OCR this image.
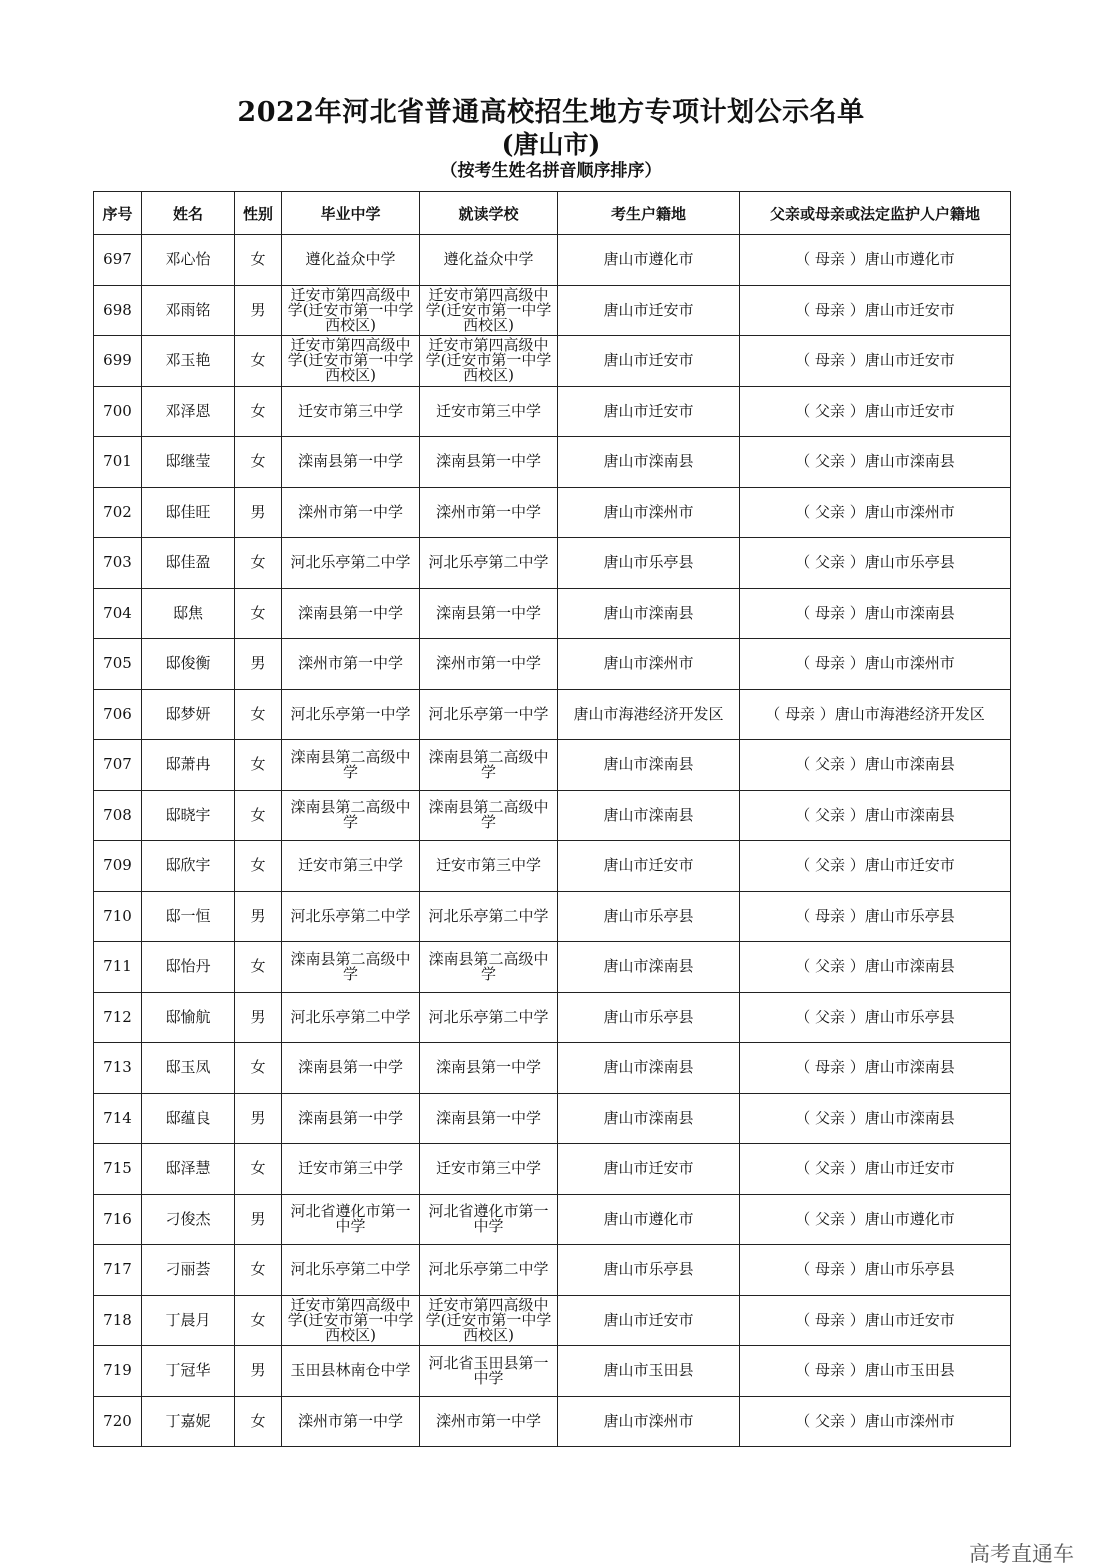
2022年河北省普通高校招生地方专项计划公示名单
(唐山市)
（按考生姓名拼音顺序排序）
序号	姓名	性别	毕业中学	就读学校	考生户籍地	父亲或母亲或法定监护人户籍地
697	邓心怡	女	遵化益众中学	遵化益众中学	唐山市遵化市	（ 母亲 ）唐山市遵化市
698	邓雨铭	男	迁安市第四高级中学(迁安市第一中学西校区)	迁安市第四高级中学(迁安市第一中学西校区)	唐山市迁安市	（ 母亲 ）唐山市迁安市
699	邓玉艳	女	迁安市第四高级中学(迁安市第一中学西校区)	迁安市第四高级中学(迁安市第一中学西校区)	唐山市迁安市	（ 母亲 ）唐山市迁安市
700	邓泽恩	女	迁安市第三中学	迁安市第三中学	唐山市迁安市	（ 父亲 ）唐山市迁安市
701	邸继莹	女	滦南县第一中学	滦南县第一中学	唐山市滦南县	（ 父亲 ）唐山市滦南县
702	邸佳旺	男	滦州市第一中学	滦州市第一中学	唐山市滦州市	（ 父亲 ）唐山市滦州市
703	邸佳盈	女	河北乐亭第二中学	河北乐亭第二中学	唐山市乐亭县	（ 父亲 ）唐山市乐亭县
704	邸焦	女	滦南县第一中学	滦南县第一中学	唐山市滦南县	（ 母亲 ）唐山市滦南县
705	邸俊衡	男	滦州市第一中学	滦州市第一中学	唐山市滦州市	（ 母亲 ）唐山市滦州市
706	邸梦妍	女	河北乐亭第一中学	河北乐亭第一中学	唐山市海港经济开发区	（ 母亲 ）唐山市海港经济开发区
707	邸萧冉	女	滦南县第二高级中学	滦南县第二高级中学	唐山市滦南县	（ 父亲 ）唐山市滦南县
708	邸晓宇	女	滦南县第二高级中学	滦南县第二高级中学	唐山市滦南县	（ 父亲 ）唐山市滦南县
709	邸欣宇	女	迁安市第三中学	迁安市第三中学	唐山市迁安市	（ 父亲 ）唐山市迁安市
710	邸一恒	男	河北乐亭第二中学	河北乐亭第二中学	唐山市乐亭县	（ 母亲 ）唐山市乐亭县
711	邸怡丹	女	滦南县第二高级中学	滦南县第二高级中学	唐山市滦南县	（ 父亲 ）唐山市滦南县
712	邸愉航	男	河北乐亭第二中学	河北乐亭第二中学	唐山市乐亭县	（ 父亲 ）唐山市乐亭县
713	邸玉凤	女	滦南县第一中学	滦南县第一中学	唐山市滦南县	（ 母亲 ）唐山市滦南县
714	邸蕴良	男	滦南县第一中学	滦南县第一中学	唐山市滦南县	（ 父亲 ）唐山市滦南县
715	邸泽慧	女	迁安市第三中学	迁安市第三中学	唐山市迁安市	（ 父亲 ）唐山市迁安市
716	刁俊杰	男	河北省遵化市第一中学	河北省遵化市第一中学	唐山市遵化市	（ 父亲 ）唐山市遵化市
717	刁丽荟	女	河北乐亭第二中学	河北乐亭第二中学	唐山市乐亭县	（ 母亲 ）唐山市乐亭县
718	丁晨月	女	迁安市第四高级中学(迁安市第一中学西校区)	迁安市第四高级中学(迁安市第一中学西校区)	唐山市迁安市	（ 母亲 ）唐山市迁安市
719	丁冠华	男	玉田县林南仓中学	河北省玉田县第一中学	唐山市玉田县	（ 母亲 ）唐山市玉田县
720	丁嘉妮	女	滦州市第一中学	滦州市第一中学	唐山市滦州市	（ 父亲 ）唐山市滦州市
高考直通车
